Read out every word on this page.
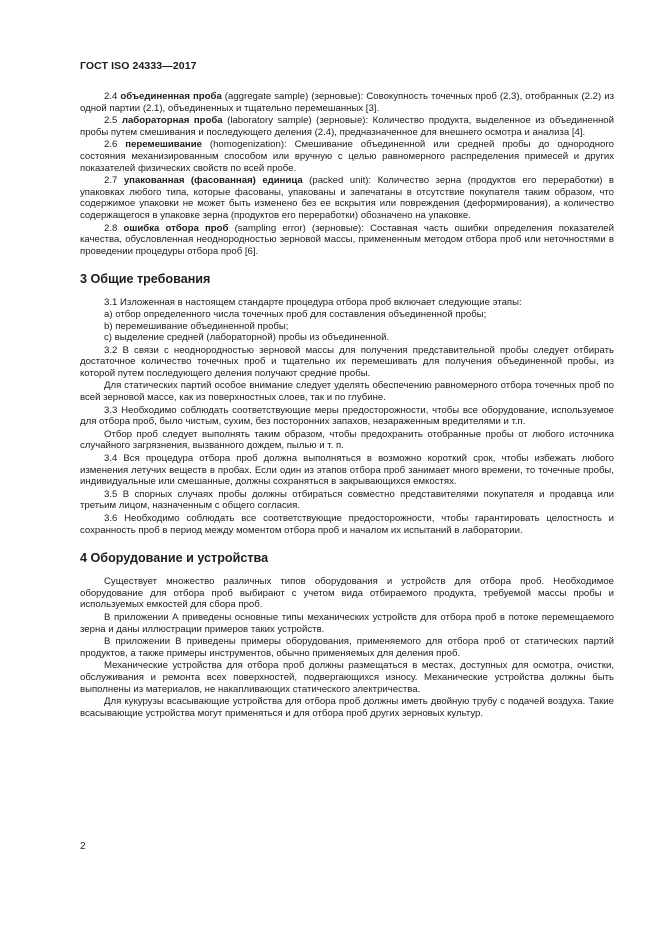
ГОСТ ISO 24333—2017

2.4 объединенная проба (aggregate sample) (зерновые): Совокупность точечных проб (2.3), отобранных (2.2) из одной партии (2.1), объединенных и тщательно перемешанных [3].

2.5 лабораторная проба (laboratory sample) (зерновые): Количество продукта, выделенное из объединенной пробы путем смешивания и последующего деления (2.4), предназначенное для внешнего осмотра и анализа [4].

2.6 перемешивание (homogenization): Смешивание объединенной или средней пробы до однородного состояния механизированным способом или вручную с целью равномерного распределения примесей и других показателей физических свойств по всей пробе.

2.7 упакованная (фасованная) единица (packed unit): Количество зерна (продуктов его переработки) в упаковках любого типа, которые фасованы, упакованы и запечатаны в отсутствие покупателя таким образом, что содержимое упаковки не может быть изменено без ее вскрытия или повреждения (деформирования), а количество содержащегося в упаковке зерна (продуктов его переработки) обозначено на упаковке.

2.8 ошибка отбора проб (sampling error) (зерновые): Составная часть ошибки определения показателей качества, обусловленная неоднородностью зерновой массы, примененным методом отбора проб или неточностями в проведении процедуры отбора проб [6].

3 Общие требования

3.1 Изложенная в настоящем стандарте процедура отбора проб включает следующие этапы:

a) отбор определенного числа точечных проб для составления объединенной пробы;

b) перемешивание объединенной пробы;

c) выделение средней (лабораторной) пробы из объединенной.

3.2 В связи с неоднородностью зерновой массы для получения представительной пробы следует отбирать достаточное количество точечных проб и тщательно их перемешивать для получения объединенной пробы, из которой путем последующего деления получают средние пробы.

Для статических партий особое внимание следует уделять обеспечению равномерного отбора точечных проб по всей зерновой массе, как из поверхностных слоев, так и по глубине.

3.3 Необходимо соблюдать соответствующие меры предосторожности, чтобы все оборудование, используемое для отбора проб, было чистым, сухим, без посторонних запахов, незараженным вредителями и т.п.

Отбор проб следует выполнять таким образом, чтобы предохранить отобранные пробы от любого источника случайного загрязнения, вызванного дождем, пылью и т. п.

3.4 Вся процедура отбора проб должна выполняться в возможно короткий срок, чтобы избежать любого изменения летучих веществ в пробах. Если один из этапов отбора проб занимает много времени, то точечные пробы, индивидуальные или смешанные, должны сохраняться в закрывающихся емкостях.

3.5 В спорных случаях пробы должны отбираться совместно представителями покупателя и продавца или третьим лицом, назначенным с общего согласия.

3.6 Необходимо соблюдать все соответствующие предосторожности, чтобы гарантировать целостность и сохранность проб в период между моментом отбора проб и началом их испытаний в лаборатории.

4 Оборудование и устройства

Существует множество различных типов оборудования и устройств для отбора проб. Необходимое оборудование для отбора проб выбирают с учетом вида отбираемого продукта, требуемой массы пробы и используемых емкостей для сбора проб.

В приложении А приведены основные типы механических устройств для отбора проб в потоке перемещаемого зерна и даны иллюстрации примеров таких устройств.

В приложении В приведены примеры оборудования, применяемого для отбора проб от статических партий продуктов, а также примеры инструментов, обычно применяемых для деления проб.

Механические устройства для отбора проб должны размещаться в местах, доступных для осмотра, очистки, обслуживания и ремонта всех поверхностей, подвергающихся износу. Механические устройства должны быть выполнены из материалов, не накапливающих статического электричества.

Для кукурузы всасывающие устройства для отбора проб должны иметь двойную трубу с подачей воздуха. Такие всасывающие устройства могут применяться и для отбора проб других зерновых культур.

2
